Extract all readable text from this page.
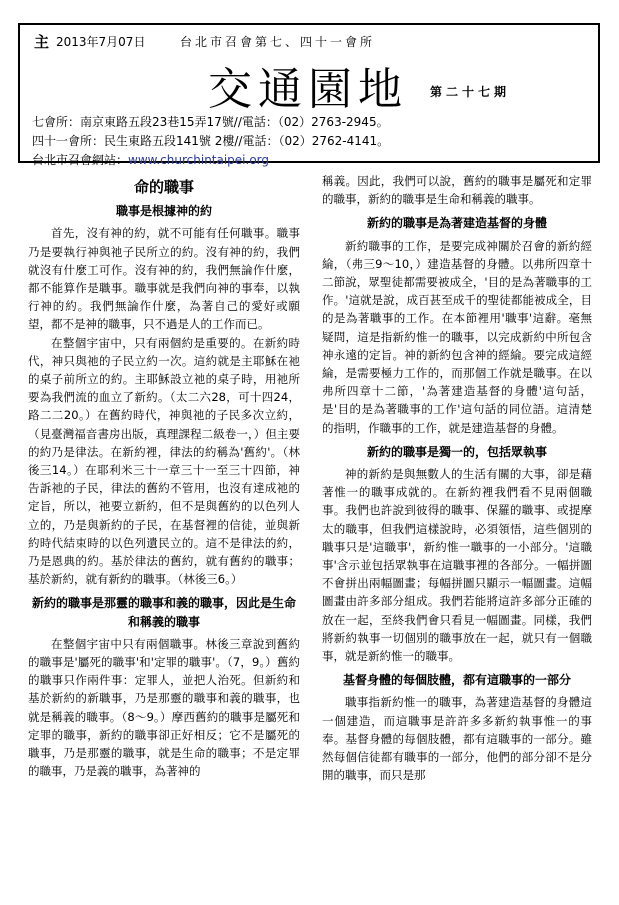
主 2013年7月07日	台北市召會第七、四十一會所
交通園地 第二十七期
七會所：南京東路五段23巷15弄17號//電話：（02）2763-2945。
四十一會所：民生東路五段141號 2樓//電話：（02）2762-4141。
台北市召會網站：www.churchintaipei.org
命的職事
職事是根據神的約

首先，沒有神的約，就不可能有任何職事。職事乃是要執行神與祂子民所立的約。沒有神的約，我們就沒有什麼工可作。沒有神的約，我們無論作什麼，都不能算作是職事。職事就是我們向神的事奉，以執行神的約。我們無論作什麼，為著自己的愛好或願望，都不是神的職事，只不過是人的工作而已。

在整個宇宙中，只有兩個約是重要的。在新約時代，神只與祂的子民立約一次。這約就是主耶穌在祂的桌子前所立的約。主耶穌設立祂的桌子時，用祂所要為我們流的血立了新約。（太二六28，可十四24，路二二20。）在舊約時代，神與祂的子民多次立約，（見臺灣福音書房出版，真理課程二級卷一，）但主要的約乃是律法。在新約裡，律法的約稱為'舊約'。（林後三14。）在耶利米三十一章三十一至三十四節，神告訴祂的子民，律法的舊約不管用，也沒有達成祂的定旨，所以，祂要立新約，但不是與舊約的以色列人立的，乃是與新約的子民，在基督裡的信徒，並與新約時代結束時的以色列遺民立的。這不是律法的約，乃是恩典的約。基於律法的舊約，就有舊約的職事；基於新約，就有新約的職事。（林後三6。）

新約的職事是那靈的職事和義的職事，因此是生命和稱義的職事

在整個宇宙中只有兩個職事。林後三章說到舊約的職事是'屬死的職事'和'定罪的職事'。（7，9。）舊約的職事只作兩件事：定罪人，並把人治死。但新約和基於新約的新職事，乃是那靈的職事和義的職事，也就是稱義的職事。（8～9。）摩西舊約的職事是屬死和定罪的職事，新約的職事卻正好相反；它不是屬死的職事，乃是那靈的職事，就是生命的職事；不是定罪的職事，乃是義的職事，為著神的

稱義。因此，我們可以說，舊約的職事是屬死和定罪的職事，新約的職事是生命和稱義的職事。

新約的職事是為著建造基督的身體

新約職事的工作，是要完成神關於召會的新約經綸，（弗三9～10，）建造基督的身體。以弗所四章十二節說，眾聖徒都需要被成全，'目的是為著職事的工作。'這就是說，成百甚至成千的聖徒都能被成全，目的是為著職事的工作。在本節裡用'職事'這辭。毫無疑問，這是指新約惟一的職事，以完成新約中所包含神永遠的定旨。神的新約包含神的經綸。要完成這經綸，是需要極力工作的，而那個工作就是職事。在以弗所四章十二節，'為著建造基督的身體'這句話，是'目的是為著職事的工作'這句話的同位語。這清楚的指明，作職事的工作，就是建造基督的身體。

新約的職事是獨一的，包括眾執事

神的新約是與無數人的生活有關的大事，卻是藉著惟一的職事成就的。在新約裡我們看不見兩個職事。我們也許說到彼得的職事、保羅的職事、或提摩太的職事，但我們這樣說時，必須領悟，這些個別的職事只是'這職事'，新約惟一職事的一小部分。'這職事'含示並包括眾執事在這職事裡的各部分。一幅拼圖不會拼出兩幅圖畫；每幅拼圖只顯示一幅圖畫。這幅圖畫由許多部分組成。我們若能將這許多部分正確的放在一起，至終我們會只看見一幅圖畫。同樣，我們將新約執事一切個別的職事放在一起，就只有一個職事，就是新約惟一的職事。

基督身體的每個肢體，都有這職事的一部分

職事指新約惟一的職事，為著建造基督的身體這一個建造，而這職事是許許多多新約執事惟一的事奉。基督身體的每個肢體，都有這職事的一部分。雖然每個信徒都有職事的一部分，他們的部分卻不是分開的職事，而只是那
